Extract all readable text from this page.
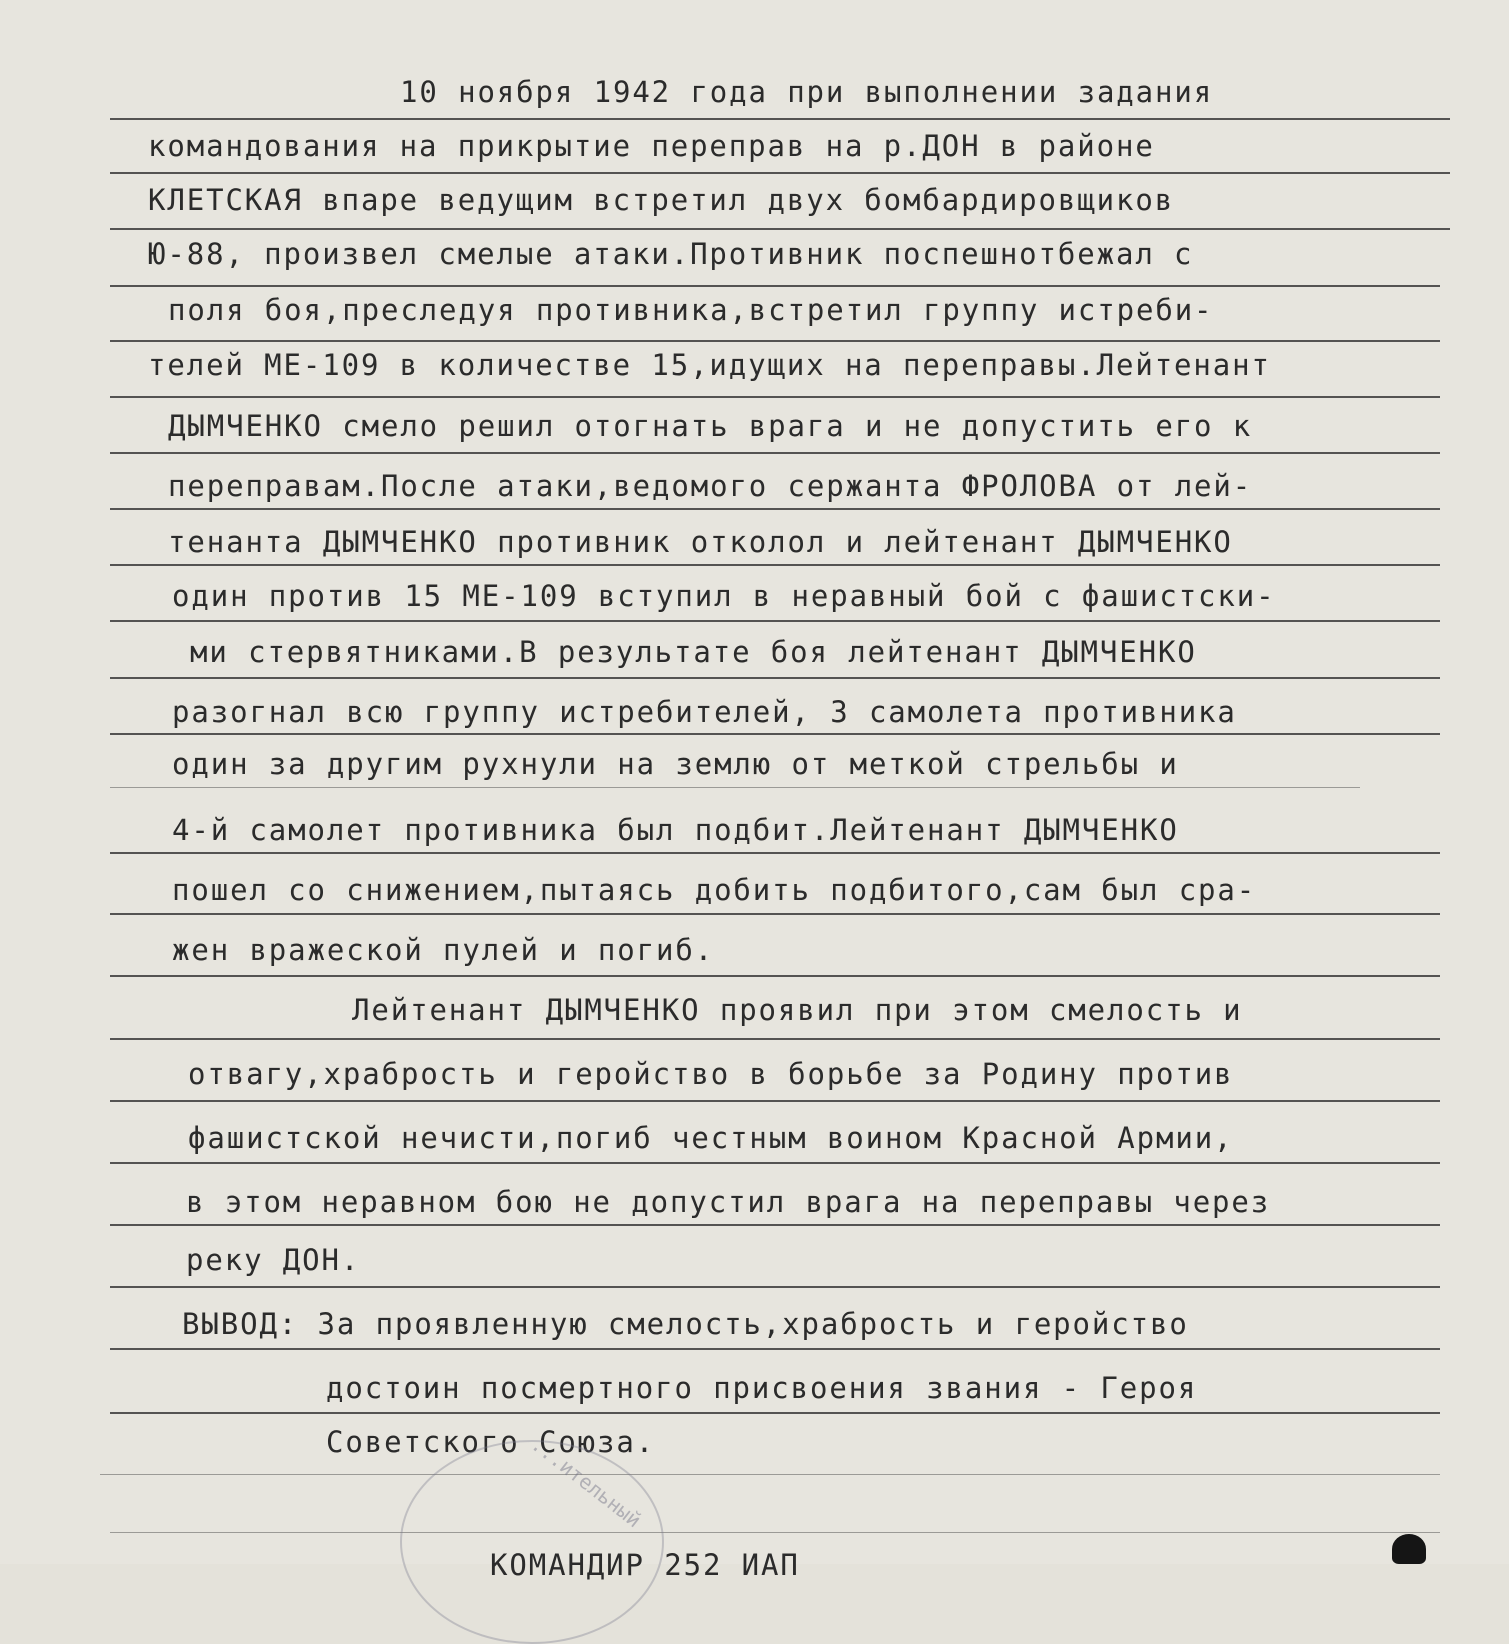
10 ноября 1942 года при выполнении задания
командования на прикрытие переправ на р.ДОН в районе
КЛЕТСКАЯ впаре ведущим встретил двух бомбардировщиков
Ю-88, произвел смелые атаки.Противник поспешнотбежал с
поля боя,преследуя противника,встретил группу истреби-
телей МЕ-109 в количестве 15,идущих на переправы.Лейтенант
ДЫМЧЕНКО смело решил отогнать врага и не допустить его к
переправам.После атаки,ведомого сержанта ФРОЛОВА от лей-
тенанта ДЫМЧЕНКО противник отколол и лейтенант ДЫМЧЕНКО
один против 15 МЕ-109 вступил в неравный бой с фашистски-
ми стервятниками.В результате боя лейтенант ДЫМЧЕНКО
разогнал всю группу истребителей, 3 самолета противника
один за другим рухнули на землю от меткой стрельбы и
4-й самолет противника был подбит.Лейтенант ДЫМЧЕНКО
пошел со снижением,пытаясь добить подбитого,сам был сра-
жен вражеской пулей и погиб.
Лейтенант ДЫМЧЕНКО проявил при этом смелость и
отвагу,храбрость и геройство в борьбе за Родину против
фашистской нечисти,погиб честным воином Красной Армии,
в этом неравном бою не допустил врага на переправы через
реку ДОН.
ВЫВОД: За проявленную смелость,храбрость и геройство
достоин посмертного присвоения звания - Героя
Советского Союза.
...ительный
КОМАНДИР 252 ИАП
